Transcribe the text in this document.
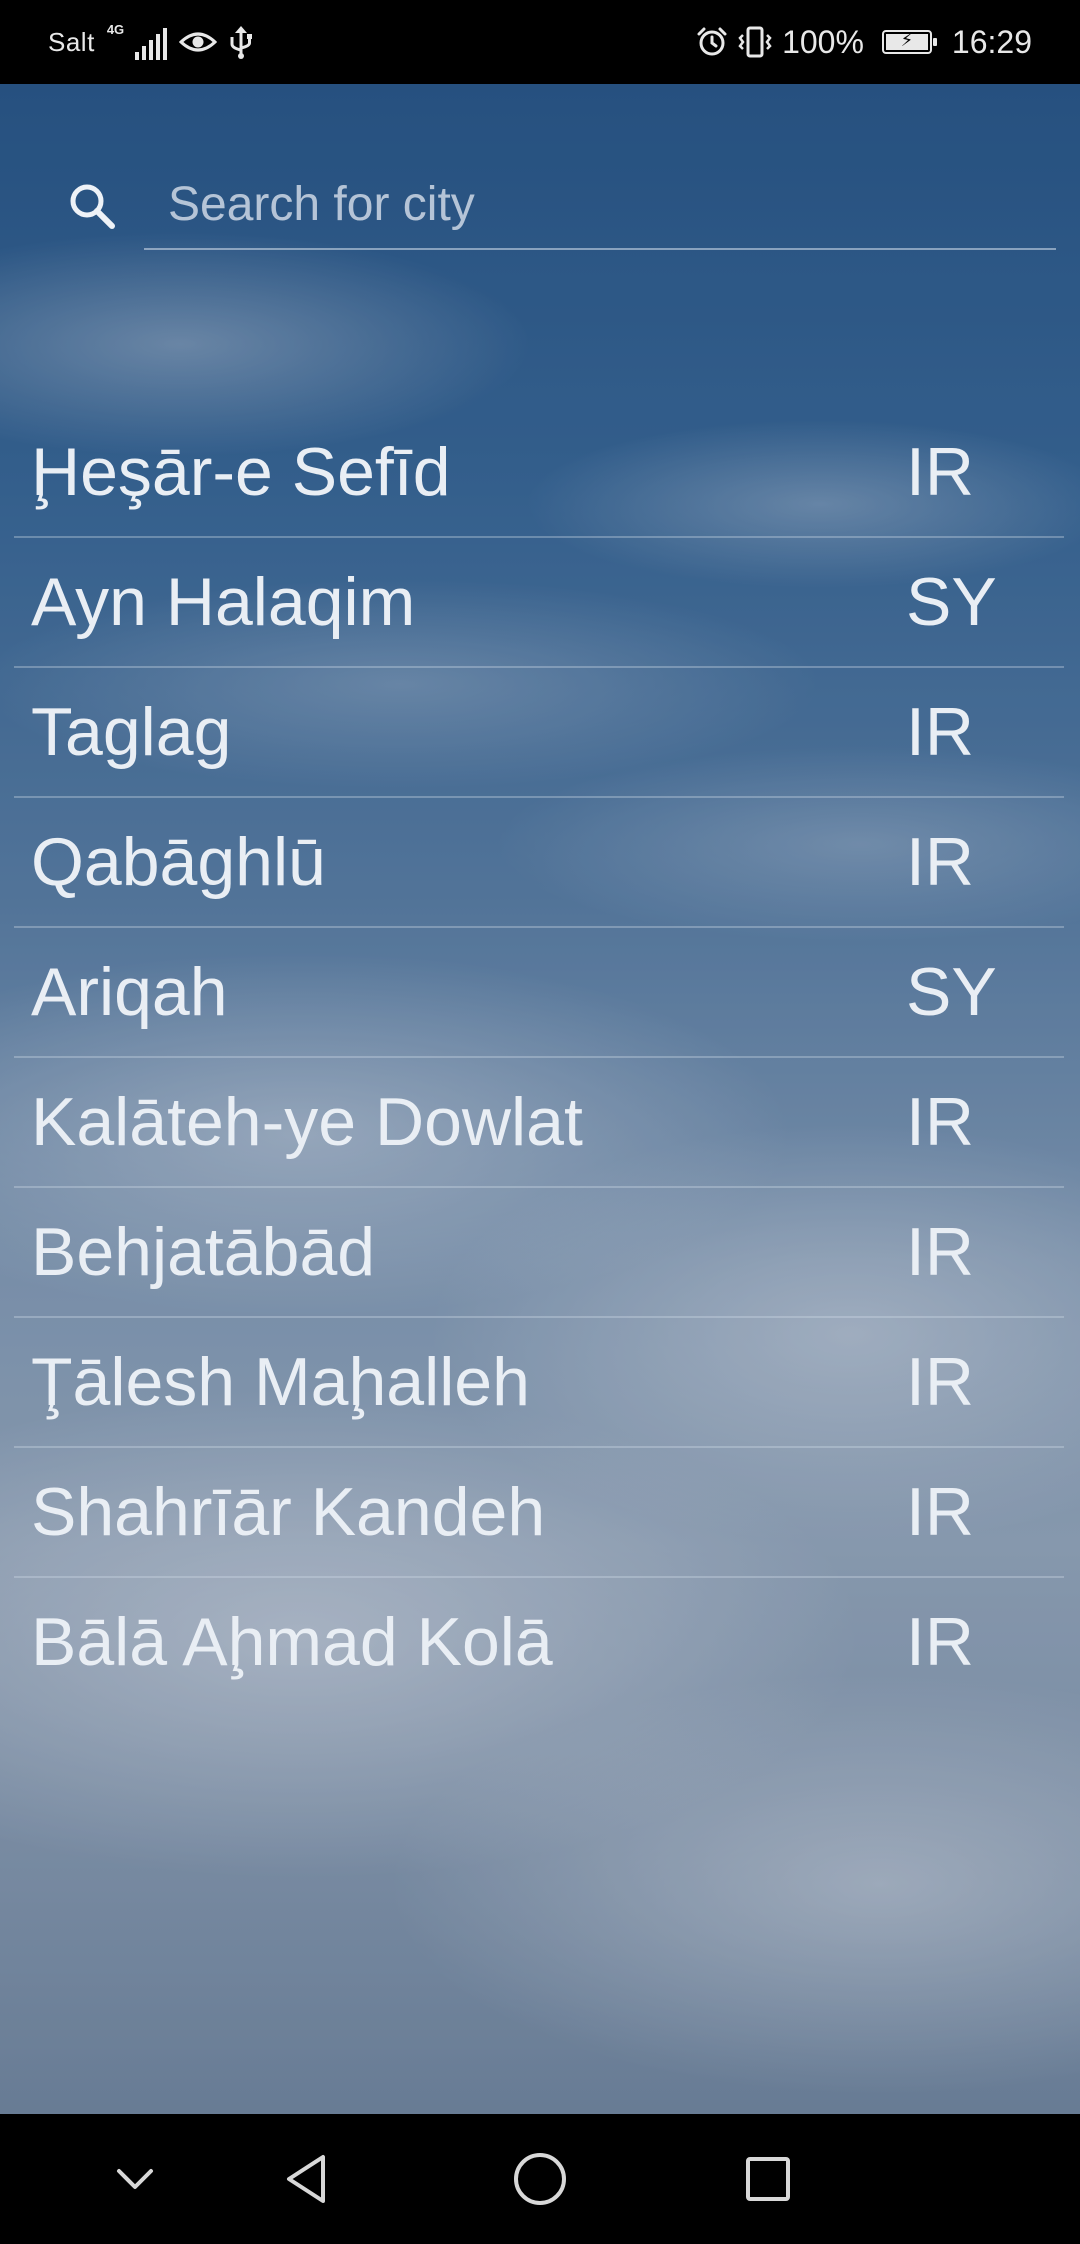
Salt 4G	100%	⚡	16:29
Search for city
Ḩeşār-e Sefīd	IR
Ayn Halaqim	SY
Taglag	IR
Qabāghlū	IR
Ariqah	SY
Kalāteh-ye Dowlat	IR
Behjatābād	IR
Ţālesh Maḩalleh	IR
Shahrīār Kandeh	IR
Bālā Aḩmad Kolā	IR
